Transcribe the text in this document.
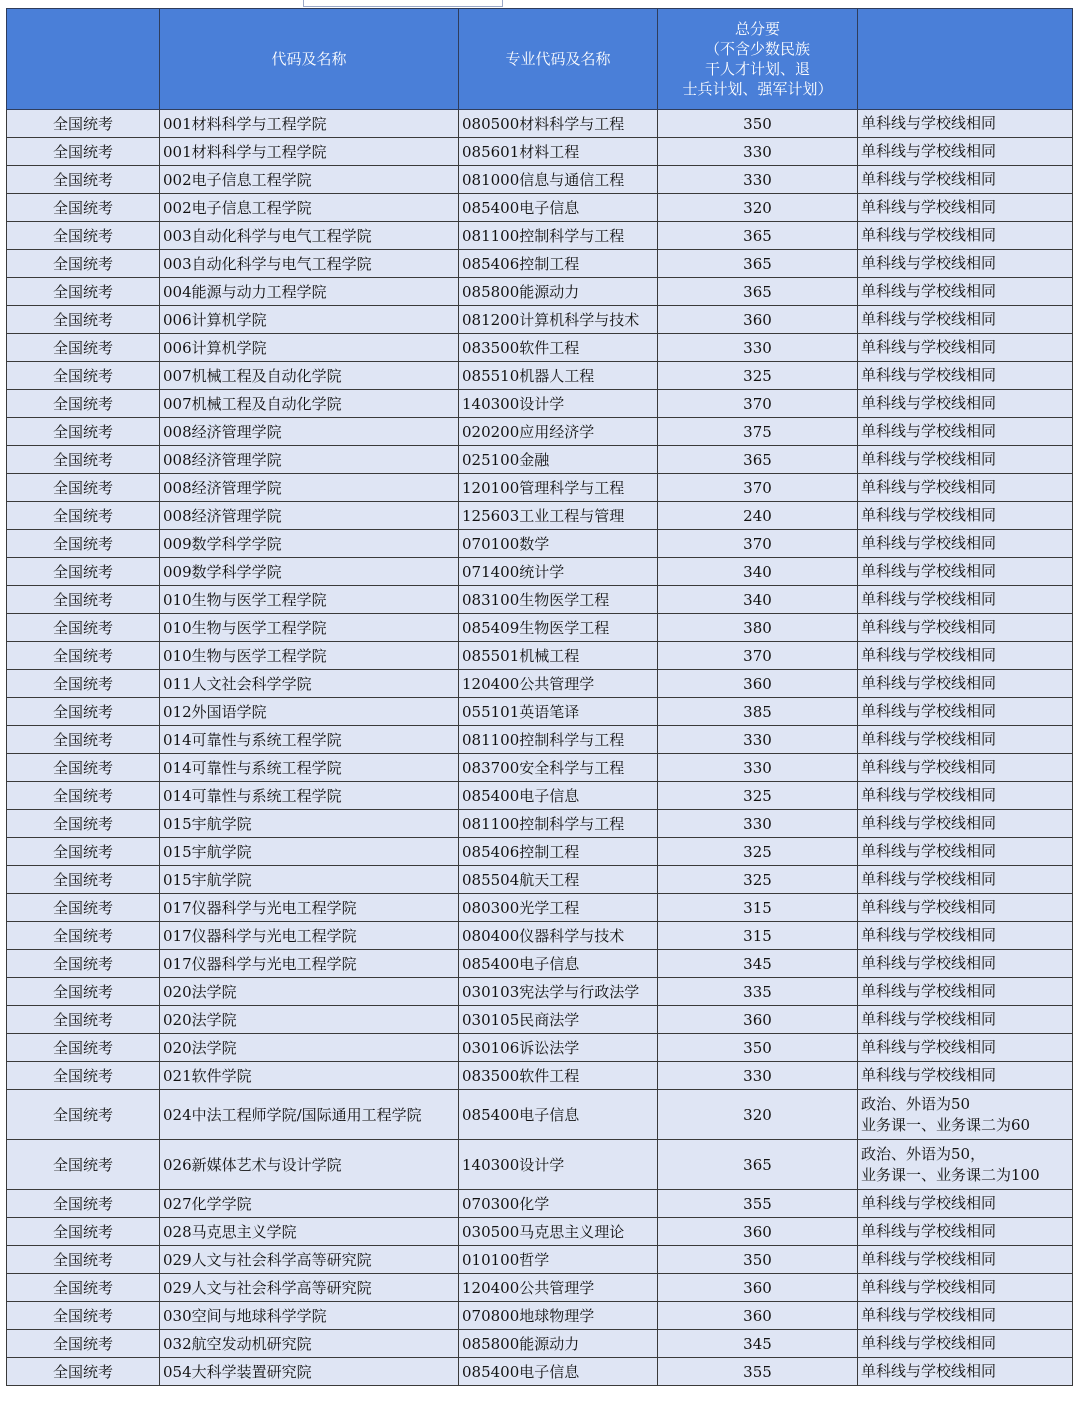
	代码及名称	专业代码及名称	总分要
（不含少数民族
干人才计划、退
士兵计划、强军计划）	

全国统考	001材料科学与工程学院	080500材料科学与工程	350	单科线与学校线相同
全国统考	001材料科学与工程学院	085601材料工程	330	单科线与学校线相同
全国统考	002电子信息工程学院	081000信息与通信工程	330	单科线与学校线相同
全国统考	002电子信息工程学院	085400电子信息	320	单科线与学校线相同
全国统考	003自动化科学与电气工程学院	081100控制科学与工程	365	单科线与学校线相同
全国统考	003自动化科学与电气工程学院	085406控制工程	365	单科线与学校线相同
全国统考	004能源与动力工程学院	085800能源动力	365	单科线与学校线相同
全国统考	006计算机学院	081200计算机科学与技术	360	单科线与学校线相同
全国统考	006计算机学院	083500软件工程	330	单科线与学校线相同
全国统考	007机械工程及自动化学院	085510机器人工程	325	单科线与学校线相同
全国统考	007机械工程及自动化学院	140300设计学	370	单科线与学校线相同
全国统考	008经济管理学院	020200应用经济学	375	单科线与学校线相同
全国统考	008经济管理学院	025100金融	365	单科线与学校线相同
全国统考	008经济管理学院	120100管理科学与工程	370	单科线与学校线相同
全国统考	008经济管理学院	125603工业工程与管理	240	单科线与学校线相同
全国统考	009数学科学学院	070100数学	370	单科线与学校线相同
全国统考	009数学科学学院	071400统计学	340	单科线与学校线相同
全国统考	010生物与医学工程学院	083100生物医学工程	340	单科线与学校线相同
全国统考	010生物与医学工程学院	085409生物医学工程	380	单科线与学校线相同
全国统考	010生物与医学工程学院	085501机械工程	370	单科线与学校线相同
全国统考	011人文社会科学学院	120400公共管理学	360	单科线与学校线相同
全国统考	012外国语学院	055101英语笔译	385	单科线与学校线相同
全国统考	014可靠性与系统工程学院	081100控制科学与工程	330	单科线与学校线相同
全国统考	014可靠性与系统工程学院	083700安全科学与工程	330	单科线与学校线相同
全国统考	014可靠性与系统工程学院	085400电子信息	325	单科线与学校线相同
全国统考	015宇航学院	081100控制科学与工程	330	单科线与学校线相同
全国统考	015宇航学院	085406控制工程	325	单科线与学校线相同
全国统考	015宇航学院	085504航天工程	325	单科线与学校线相同
全国统考	017仪器科学与光电工程学院	080300光学工程	315	单科线与学校线相同
全国统考	017仪器科学与光电工程学院	080400仪器科学与技术	315	单科线与学校线相同
全国统考	017仪器科学与光电工程学院	085400电子信息	345	单科线与学校线相同
全国统考	020法学院	030103宪法学与行政法学	335	单科线与学校线相同
全国统考	020法学院	030105民商法学	360	单科线与学校线相同
全国统考	020法学院	030106诉讼法学	350	单科线与学校线相同
全国统考	021软件学院	083500软件工程	330	单科线与学校线相同
全国统考	024中法工程师学院/国际通用工程学院	085400电子信息	320	政治、外语为50
业务课一、业务课二为60
全国统考	026新媒体艺术与设计学院	140300设计学	365	政治、外语为50，
业务课一、业务课二为100
全国统考	027化学学院	070300化学	355	单科线与学校线相同
全国统考	028马克思主义学院	030500马克思主义理论	360	单科线与学校线相同
全国统考	029人文与社会科学高等研究院	010100哲学	350	单科线与学校线相同
全国统考	029人文与社会科学高等研究院	120400公共管理学	360	单科线与学校线相同
全国统考	030空间与地球科学学院	070800地球物理学	360	单科线与学校线相同
全国统考	032航空发动机研究院	085800能源动力	345	单科线与学校线相同
全国统考	054大科学装置研究院	085400电子信息	355	单科线与学校线相同
